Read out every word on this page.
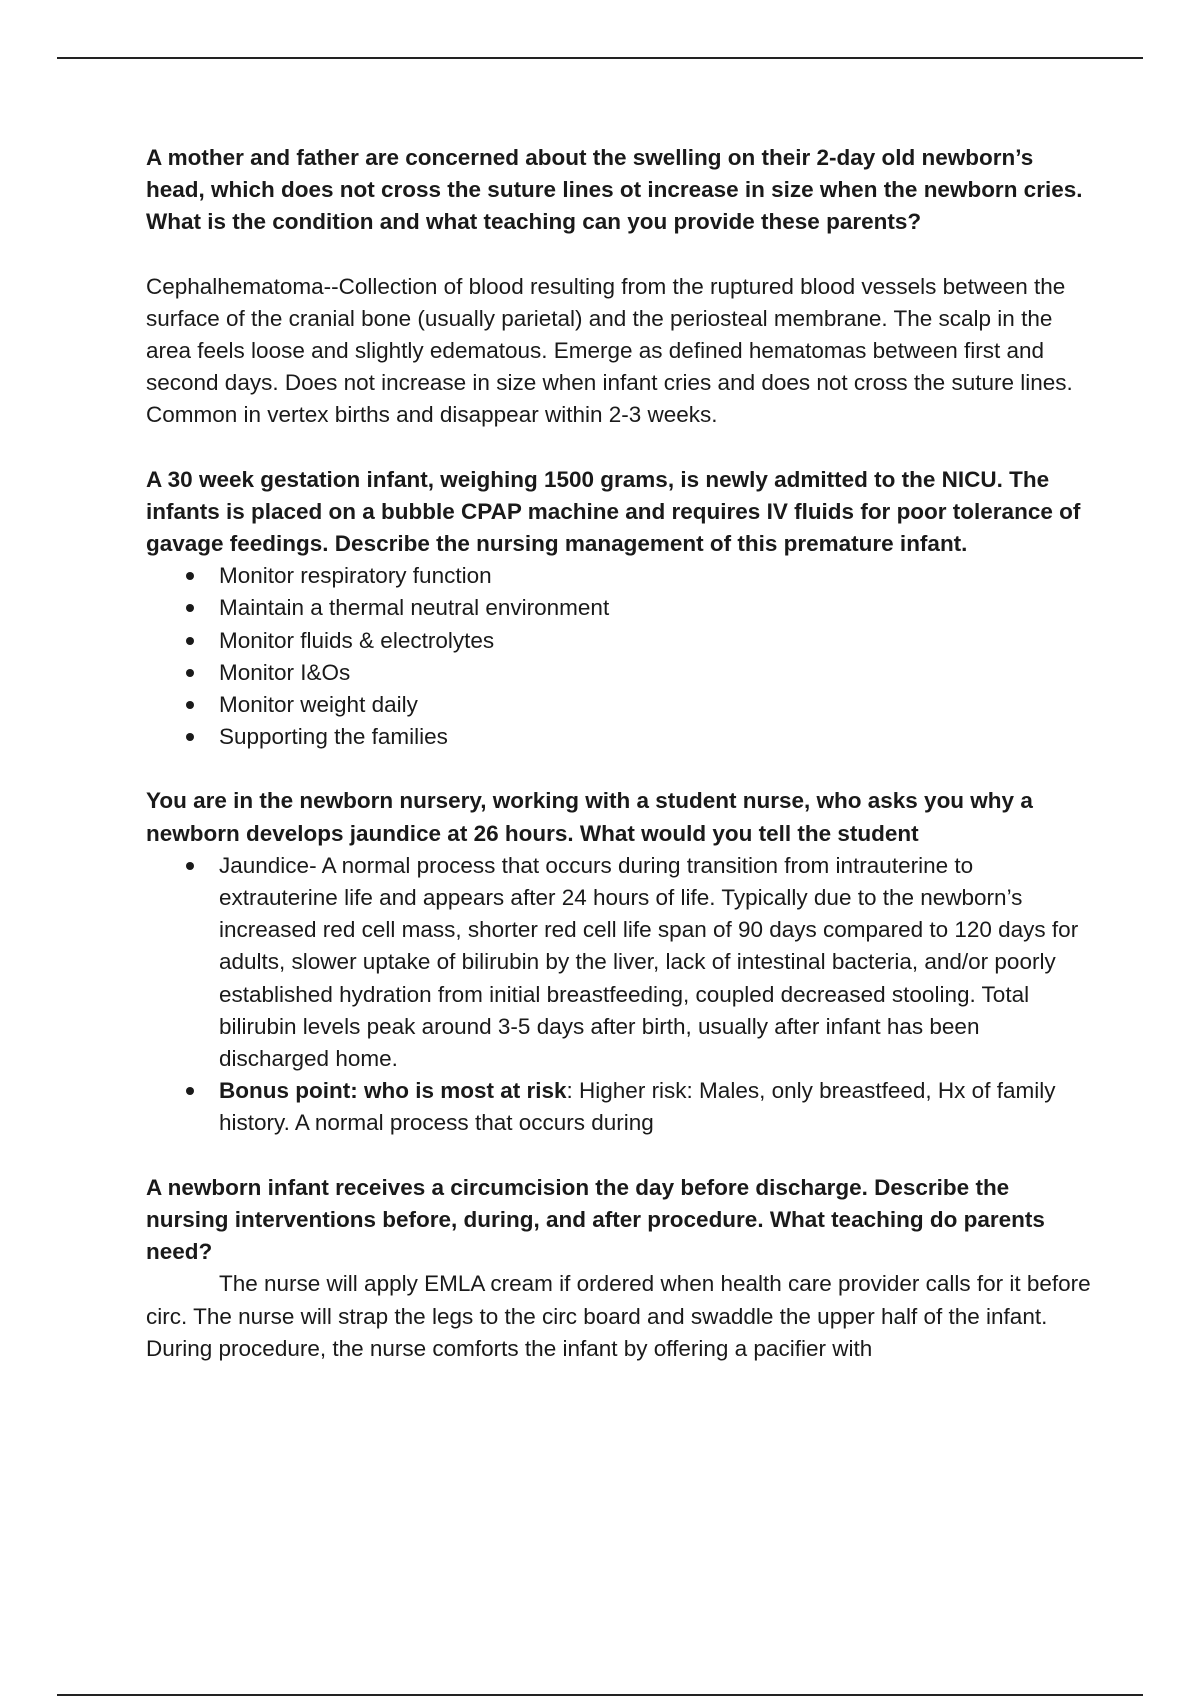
A mother and father are concerned about the swelling on their 2-day old newborn’s head, which does not cross the suture lines ot increase in size when the newborn cries. What is the condition and what teaching can you provide these parents?

Cephalhematoma--Collection of blood resulting from the ruptured blood vessels between the surface of the cranial bone (usually parietal) and the periosteal membrane. The scalp in the area feels loose and slightly edematous. Emerge as defined hematomas between first and second days. Does not increase in size when infant cries and does not cross the suture lines. Common in vertex births and disappear within 2-3 weeks.

A 30 week gestation infant, weighing 1500 grams, is newly admitted to the NICU. The infants is placed on a bubble CPAP machine and requires IV fluids for poor tolerance of gavage feedings. Describe the nursing management of this premature infant.

Monitor respiratory function
Maintain a thermal neutral environment
Monitor fluids & electrolytes
Monitor I&Os
Monitor weight daily
Supporting the families

You are in the newborn nursery, working with a student nurse, who asks you why a newborn develops jaundice at 26 hours. What would you tell the student

Jaundice- A normal process that occurs during transition from intrauterine to extrauterine life and appears after 24 hours of life. Typically due to the newborn’s increased red cell mass, shorter red cell life span of 90 days compared to 120 days for adults, slower uptake of bilirubin by the liver, lack of intestinal bacteria, and/or poorly established hydration from initial breastfeeding, coupled decreased stooling. Total bilirubin levels peak around 3-5 days after birth, usually after infant has been discharged home.
Bonus point: who is most at risk: Higher risk: Males, only breastfeed, Hx of family history. A normal process that occurs during

A newborn infant receives a circumcision the day before discharge. Describe the nursing interventions before, during, and after procedure. What teaching do parents need?

The nurse will apply EMLA cream if ordered when health care provider calls for it before circ. The nurse will strap the legs to the circ board and swaddle the upper half of the infant. During procedure, the nurse comforts the infant by offering a pacifier with
